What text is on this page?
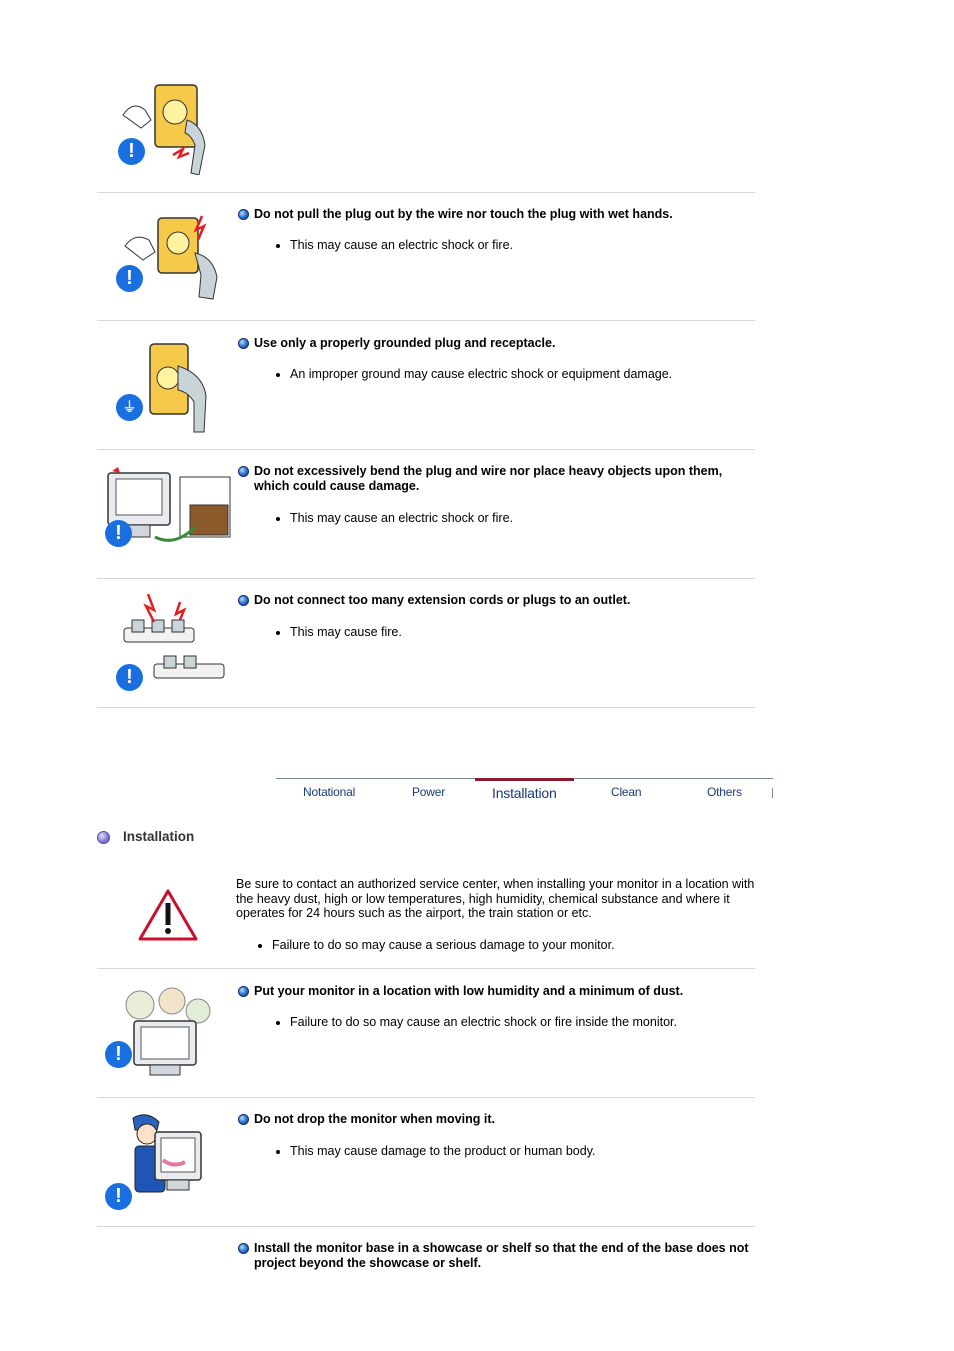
!
!
Do not pull the plug out by the wire nor touch the plug with wet hands.
This may cause an electric shock or fire.
⏚
Use only a properly grounded plug and receptacle.
An improper ground may cause electric shock or equipment damage.
!
Do not excessively bend the plug and wire nor place heavy objects upon them, which could cause damage.
This may cause an electric shock or fire.
!
Do not connect too many extension cords or plugs to an outlet.
This may cause fire.
Notational	Power	Installation	Clean	Others
Installation
Be sure to contact an authorized service center, when installing your monitor in a location with the heavy dust, high or low temperatures, high humidity, chemical substance and where it operates for 24 hours such as the airport, the train station or etc.
Failure to do so may cause a serious damage to your monitor.
!
Put your monitor in a location with low humidity and a minimum of dust.
Failure to do so may cause an electric shock or fire inside the monitor.
!
Do not drop the monitor when moving it.
This may cause damage to the product or human body.
Install the monitor base in a showcase or shelf so that the end of the base does not project beyond the showcase or shelf.
